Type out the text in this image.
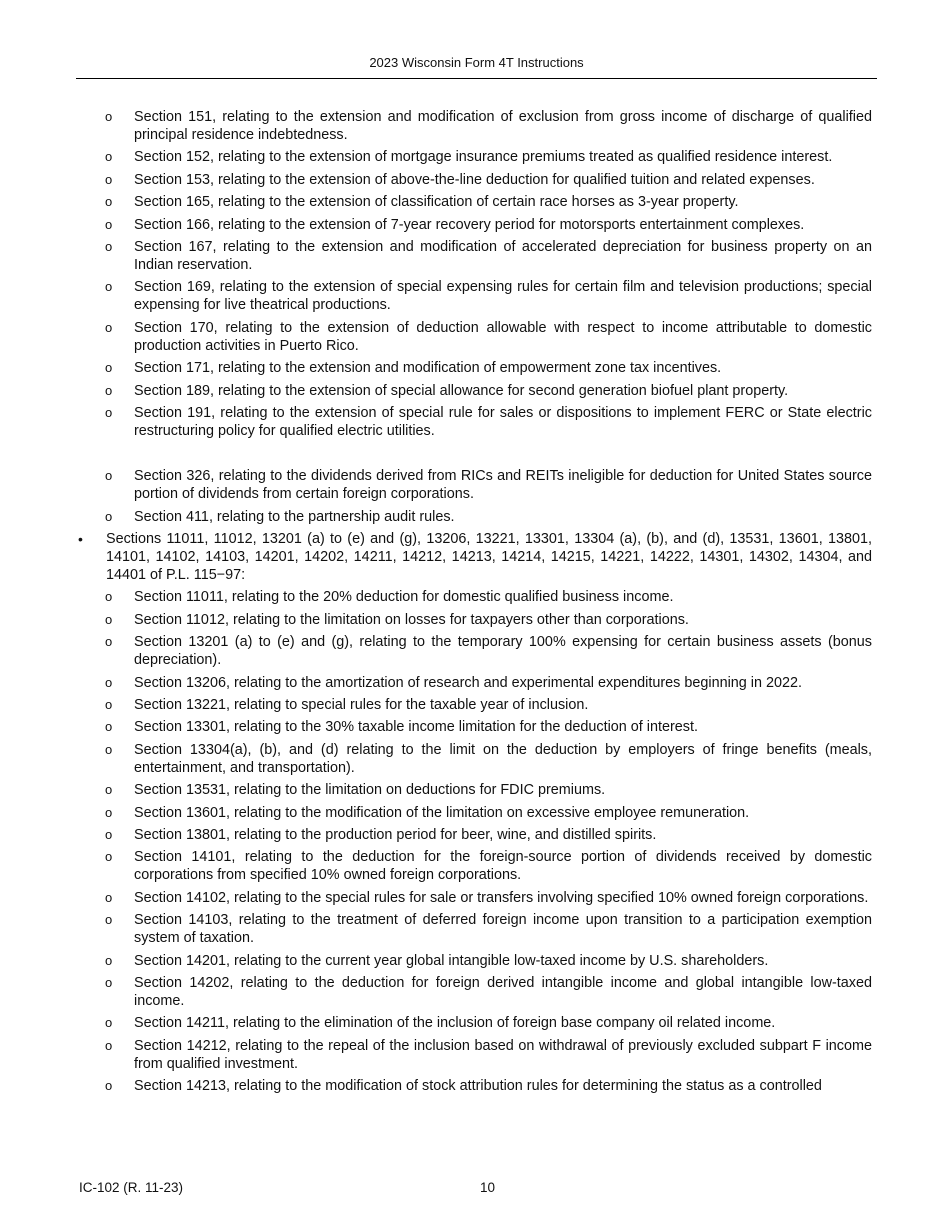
2023 Wisconsin Form 4T Instructions
o Section 151, relating to the extension and modification of exclusion from gross income of discharge of qualified principal residence indebtedness.
o Section 152, relating to the extension of mortgage insurance premiums treated as qualified residence interest.
o Section 153, relating to the extension of above-the-line deduction for qualified tuition and related expenses.
o Section 165, relating to the extension of classification of certain race horses as 3-year property.
o Section 166, relating to the extension of 7-year recovery period for motorsports entertainment complexes.
o Section 167, relating to the extension and modification of accelerated depreciation for business property on an Indian reservation.
o Section 169, relating to the extension of special expensing rules for certain film and television productions; special expensing for live theatrical productions.
o Section 170, relating to the extension of deduction allowable with respect to income attributable to domestic production activities in Puerto Rico.
o Section 171, relating to the extension and modification of empowerment zone tax incentives.
o Section 189, relating to the extension of special allowance for second generation biofuel plant property.
o Section 191, relating to the extension of special rule for sales or dispositions to implement FERC or State electric restructuring policy for qualified electric utilities.
o Section 326, relating to the dividends derived from RICs and REITs ineligible for deduction for United States source portion of dividends from certain foreign corporations.
o Section 411, relating to the partnership audit rules.
• Sections 11011, 11012, 13201 (a) to (e) and (g), 13206, 13221, 13301, 13304 (a), (b), and (d), 13531, 13601, 13801, 14101, 14102, 14103, 14201, 14202, 14211, 14212, 14213, 14214, 14215, 14221, 14222, 14301, 14302, 14304, and 14401 of P.L. 115−97:
o Section 11011, relating to the 20% deduction for domestic qualified business income.
o Section 11012, relating to the limitation on losses for taxpayers other than corporations.
o Section 13201 (a) to (e) and (g), relating to the temporary 100% expensing for certain business assets (bonus depreciation).
o Section 13206, relating to the amortization of research and experimental expenditures beginning in 2022.
o Section 13221, relating to special rules for the taxable year of inclusion.
o Section 13301, relating to the 30% taxable income limitation for the deduction of interest.
o Section 13304(a), (b), and (d) relating to the limit on the deduction by employers of fringe benefits (meals, entertainment, and transportation).
o Section 13531, relating to the limitation on deductions for FDIC premiums.
o Section 13601, relating to the modification of the limitation on excessive employee remuneration.
o Section 13801, relating to the production period for beer, wine, and distilled spirits.
o Section 14101, relating to the deduction for the foreign-source portion of dividends received by domestic corporations from specified 10% owned foreign corporations.
o Section 14102, relating to the special rules for sale or transfers involving specified 10% owned foreign corporations.
o Section 14103, relating to the treatment of deferred foreign income upon transition to a participation exemption system of taxation.
o Section 14201, relating to the current year global intangible low-taxed income by U.S. shareholders.
o Section 14202, relating to the deduction for foreign derived intangible income and global intangible low-taxed income.
o Section 14211, relating to the elimination of the inclusion of foreign base company oil related income.
o Section 14212, relating to the repeal of the inclusion based on withdrawal of previously excluded subpart F income from qualified investment.
o Section 14213, relating to the modification of stock attribution rules for determining the status as a controlled
IC-102 (R. 11-23)	10
